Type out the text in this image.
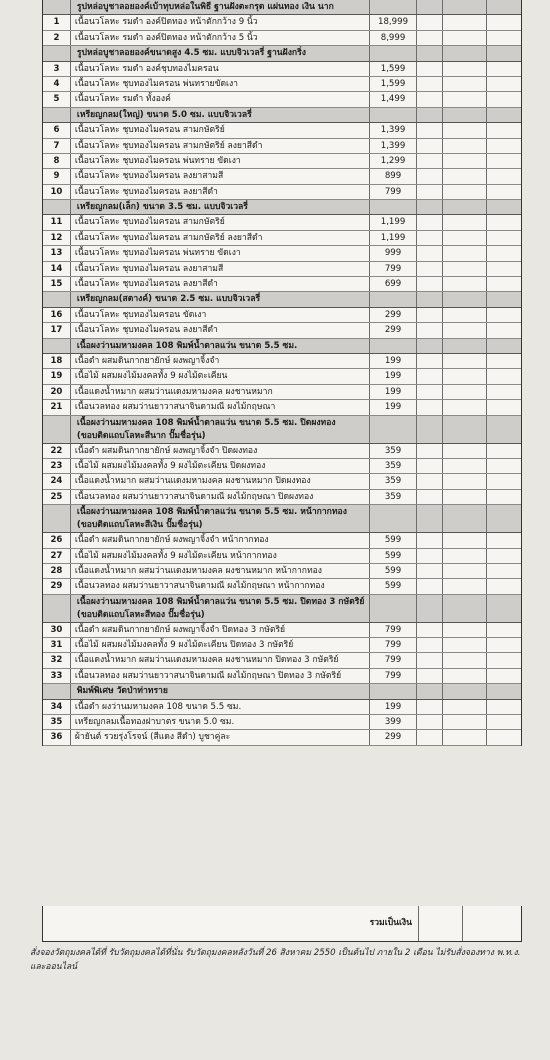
รูปหล่อบูชาลอยองค์เบ้าทุบหล่อในพิธี ฐานฝังตะกรุด แผ่นทอง เงิน นาก
1	เนื้อนวโลหะ รมดำ องค์ปิดทอง หน้าตักกว้าง 9 นิ้ว	18,999
2	เนื้อนวโลหะ รมดำ องค์ปิดทอง หน้าตักกว้าง 5 นิ้ว	8,999
รูปหล่อบูชาลอยองค์ขนาดสูง 4.5 ซม. แบบจิวเวลรี่ ฐานฝังกริ่ง
3	เนื้อนวโลหะ รมดำ องค์ชุบทองไมครอน	1,599
4	เนื้อนวโลหะ ชุบทองไมครอน พ่นทรายขัดเงา	1,599
5	เนื้อนวโลหะ รมดำ ทั้งองค์	1,499
เหรียญกลม(ใหญ่) ขนาด 5.0 ซม. แบบจิวเวลรี่
6	เนื้อนวโลหะ ชุบทองไมครอน สามกษัตริย์	1,399
7	เนื้อนวโลหะ ชุบทองไมครอน สามกษัตริย์ ลงยาสีดำ	1,399
8	เนื้อนวโลหะ ชุบทองไมครอน พ่นทราย ขัดเงา	1,299
9	เนื้อนวโลหะ ชุบทองไมครอน ลงยาสามสี	899
10	เนื้อนวโลหะ ชุบทองไมครอน ลงยาสีดำ	799
เหรียญกลม(เล็ก) ขนาด 3.5 ซม. แบบจิวเวลรี่
11	เนื้อนวโลหะ ชุบทองไมครอน สามกษัตริย์	1,199
12	เนื้อนวโลหะ ชุบทองไมครอน สามกษัตริย์ ลงยาสีดำ	1,199
13	เนื้อนวโลหะ ชุบทองไมครอน พ่นทราย ขัดเงา	999
14	เนื้อนวโลหะ ชุบทองไมครอน ลงยาสามสี	799
15	เนื้อนวโลหะ ชุบทองไมครอน ลงยาสีดำ	699
เหรียญกลม(สตางค์) ขนาด 2.5 ซม. แบบจิวเวลรี่
16	เนื้อนวโลหะ ชุบทองไมครอน ขัดเงา	299
17	เนื้อนวโลหะ ชุบทองไมครอน ลงยาสีดำ	299
เนื้อผงว่านมหามงคล 108 พิมพ์น้ำตาลแว่น ขนาด 5.5 ซม.
18	เนื้อดำ ผสมดินกากยายักษ์ ผงพญาจิ้งจำ	199
19	เนื้อไม้ ผสมผงไม้มงคลทั้ง 9 ผงไม้ตะเคียน	199
20	เนื้อแดงน้ำหมาก ผสมว่านแดงมหามงคล ผงชานหมาก	199
21	เนื้อนวลทอง ผสมว่านยาวาสนาจินดามณี ผงไม้กฤษณา	199
เนื้อผงว่านมหามงคล 108 พิมพ์น้ำตาลแว่น ขนาด 5.5 ซม. ปิดผงทอง
(ขอบติดแถบโลหะสีนาก ปั๊มชื่อรุ่น)
22	เนื้อดำ ผสมดินกากยายักษ์ ผงพญาจิ้งจำ ปิดผงทอง	359
23	เนื้อไม้ ผสมผงไม้มงคลทั้ง 9 ผงไม้ตะเคียน ปิดผงทอง	359
24	เนื้อแดงน้ำหมาก ผสมว่านแดงมหามงคล ผงชานหมาก ปิดผงทอง	359
25	เนื้อนวลทอง ผสมว่านยาวาสนาจินดามณี ผงไม้กฤษณา ปิดผงทอง	359
เนื้อผงว่านมหามงคล 108 พิมพ์น้ำตาลแว่น ขนาด 5.5 ซม. หน้ากากทอง
(ขอบติดแถบโลหะสีเงิน ปั๊มชื่อรุ่น)
26	เนื้อดำ ผสมดินกากยายักษ์ ผงพญาจิ้งจำ หน้ากากทอง	599
27	เนื้อไม้ ผสมผงไม้มงคลทั้ง 9 ผงไม้ตะเคียน หน้ากากทอง	599
28	เนื้อแดงน้ำหมาก ผสมว่านแดงมหามงคล ผงชานหมาก หน้ากากทอง	599
29	เนื้อนวลทอง ผสมว่านยาวาสนาจินดามณี ผงไม้กฤษณา หน้ากากทอง	599
เนื้อผงว่านมหามงคล 108 พิมพ์น้ำตาลแว่น ขนาด 5.5 ซม. ปิดทอง 3 กษัตริย์
(ขอบติดแถบโลหะสีทอง ปั๊มชื่อรุ่น)
30	เนื้อดำ ผสมดินกากยายักษ์ ผงพญาจิ้งจำ ปิดทอง 3 กษัตริย์	799
31	เนื้อไม้ ผสมผงไม้มงคลทั้ง 9 ผงไม้ตะเคียน ปิดทอง 3 กษัตริย์	799
32	เนื้อแดงน้ำหมาก ผสมว่านแดงมหามงคล ผงชานหมาก ปิดทอง 3 กษัตริย์	799
33	เนื้อนวลทอง ผสมว่านยาวาสนาจินดามณี ผงไม้กฤษณา ปิดทอง 3 กษัตริย์	799
พิมพ์พิเศษ วัดป่าท่าทราย
34	เนื้อดำ ผงว่านมหามงคล 108 ขนาด 5.5 ซม.	199
35	เหรียญกลมเนื้อทองฝาบาตร ขนาด 5.0 ซม.	399
36	ผ้ายันต์ รวยรุ่งโรจน์ (สีแดง สีดำ) บูชาคู่ละ	299
รวมเป็นเงิน

สั่งจองวัตถุมงคลได้ที่ รับวัตถุมงคลได้ที่นั่น รับวัตถุมงคลหลังวันที่ 26 สิงหาคม 2550 เป็นต้นไป ภายใน 2 เดือน ไม่รับสั่งจองทาง พ.ท.ง. และออนไลน์
